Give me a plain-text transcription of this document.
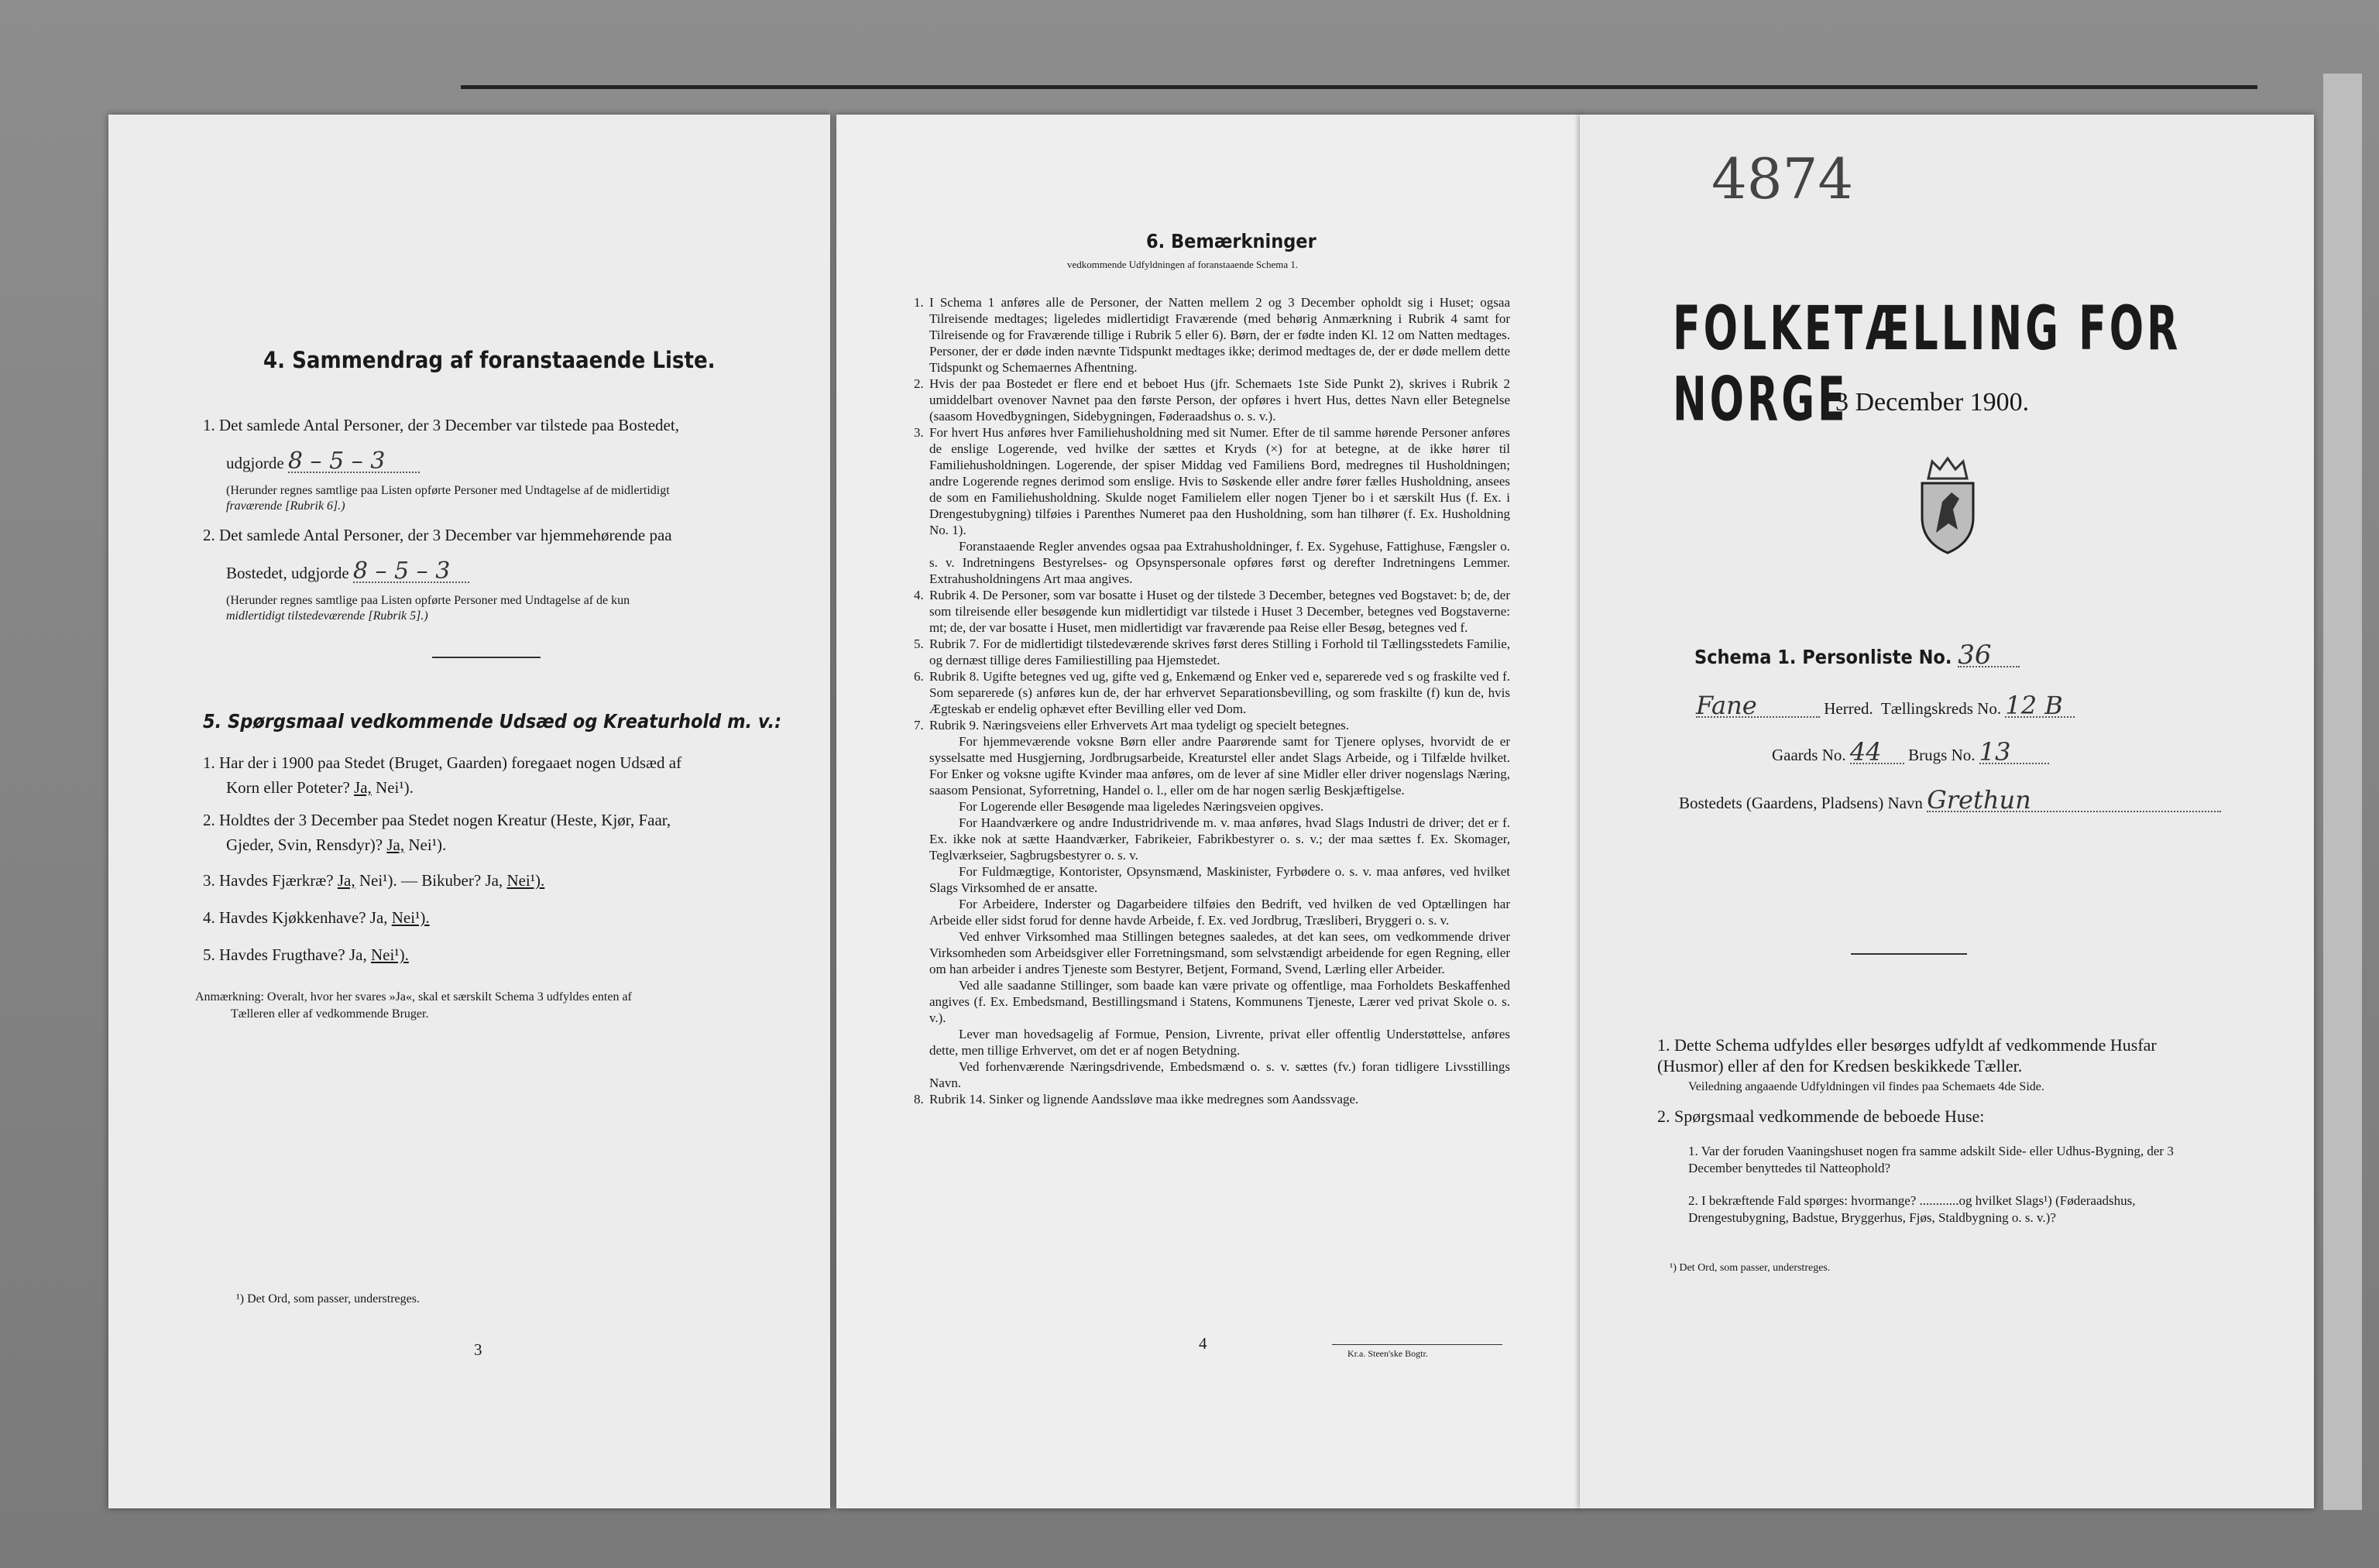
4. Sammendrag af foranstaaende Liste.
1. Det samlede Antal Personer, der 3 December var tilstede paa Bostedet,
udgjorde 8 – 5 – 3
(Herunder regnes samtlige paa Listen opførte Personer med Undtagelse af de midlertidigt
fraværende [Rubrik 6].)
2. Det samlede Antal Personer, der 3 December var hjemmehørende paa
Bostedet, udgjorde 8 – 5 – 3
(Herunder regnes samtlige paa Listen opførte Personer med Undtagelse af de kun
midlertidigt tilstedeværende [Rubrik 5].)
5. Spørgsmaal vedkommende Udsæd og Kreaturhold m. v.:
1. Har der i 1900 paa Stedet (Bruget, Gaarden) foregaaet nogen Udsæd af
Korn eller Poteter? Ja, Nei¹).
2. Holdtes der 3 December paa Stedet nogen Kreatur (Heste, Kjør, Faar,
Gjeder, Svin, Rensdyr)? Ja, Nei¹).
3. Havdes Fjærkræ? Ja, Nei¹). — Bikuber? Ja, Nei¹).
4. Havdes Kjøkkenhave? Ja, Nei¹).
5. Havdes Frugthave? Ja, Nei¹).
Anmærkning: Overalt, hvor her svares »Ja«, skal et særskilt Schema 3 udfyldes enten af
Tælleren eller af vedkommende Bruger.
¹) Det Ord, som passer, understreges.
3
6. Bemærkninger
vedkommende Udfyldningen af foranstaaende Schema 1.

1. I Schema 1 anføres alle de Personer, der Natten mellem 2 og 3 December opholdt sig i Huset; ogsaa Tilreisende medtages; ligeledes midlertidigt Fraværende (med behørig Anmærkning i Rubrik 4 samt for Tilreisende og for Fraværende tillige i Rubrik 5 eller 6). Børn, der er fødte inden Kl. 12 om Natten medtages. Personer, der er døde inden nævnte Tidspunkt medtages ikke; derimod medtages de, der er døde mellem dette Tidspunkt og Schemaernes Afhentning.

2. Hvis der paa Bostedet er flere end et beboet Hus (jfr. Schemaets 1ste Side Punkt 2), skrives i Rubrik 2 umiddelbart ovenover Navnet paa den første Person, der opføres i hvert Hus, dettes Navn eller Betegnelse (saasom Hovedbygningen, Sidebygningen, Føderaadshus o. s. v.).

3. For hvert Hus anføres hver Familiehusholdning med sit Numer. Efter de til samme hørende Personer anføres de enslige Logerende, ved hvilke der sættes et Kryds (×) for at betegne, at de ikke hører til Familiehusholdningen. Logerende, der spiser Middag ved Familiens Bord, medregnes til Husholdningen; andre Logerende regnes derimod som enslige. Hvis to Søskende eller andre fører fælles Husholdning, ansees de som en Familiehusholdning. Skulde noget Familielem eller nogen Tjener bo i et særskilt Hus (f. Ex. i Drengestubygning) tilføies i Parenthes Numeret paa den Husholdning, som han tilhører (f. Ex. Husholdning No. 1).

Foranstaaende Regler anvendes ogsaa paa Extrahusholdninger, f. Ex. Sygehuse, Fattighuse, Fængsler o. s. v. Indretningens Bestyrelses- og Opsynspersonale opføres først og derefter Indretningens Lemmer. Extrahusholdningens Art maa angives.

4. Rubrik 4. De Personer, som var bosatte i Huset og der tilstede 3 December, betegnes ved Bogstavet: b; de, der som tilreisende eller besøgende kun midlertidigt var tilstede i Huset 3 December, betegnes ved Bogstaverne: mt; de, der var bosatte i Huset, men midlertidigt var fraværende paa Reise eller Besøg, betegnes ved f.

5. Rubrik 7. For de midlertidigt tilstedeværende skrives først deres Stilling i Forhold til Tællingsstedets Familie, og dernæst tillige deres Familiestilling paa Hjemstedet.

6. Rubrik 8. Ugifte betegnes ved ug, gifte ved g, Enkemænd og Enker ved e, separerede ved s og fraskilte ved f. Som separerede (s) anføres kun de, der har erhvervet Separationsbevilling, og som fraskilte (f) kun de, hvis Ægteskab er endelig ophævet efter Bevilling eller ved Dom.

7. Rubrik 9. Næringsveiens eller Erhvervets Art maa tydeligt og specielt betegnes.

For hjemmeværende voksne Børn eller andre Paarørende samt for Tjenere oplyses, hvorvidt de er sysselsatte med Husgjerning, Jordbrugsarbeide, Kreaturstel eller andet Slags Arbeide, og i Tilfælde hvilket. For Enker og voksne ugifte Kvinder maa anføres, om de lever af sine Midler eller driver nogenslags Næring, saasom Pensionat, Syforretning, Handel o. l., eller om de har nogen særlig Beskjæftigelse.

For Logerende eller Besøgende maa ligeledes Næringsveien opgives.

For Haandværkere og andre Industridrivende m. v. maa anføres, hvad Slags Industri de driver; det er f. Ex. ikke nok at sætte Haandværker, Fabrikeier, Fabrikbestyrer o. s. v.; der maa sættes f. Ex. Skomager, Teglværkseier, Sagbrugsbestyrer o. s. v.

For Fuldmægtige, Kontorister, Opsynsmænd, Maskinister, Fyrbødere o. s. v. maa anføres, ved hvilket Slags Virksomhed de er ansatte.

For Arbeidere, Inderster og Dagarbeidere tilføies den Bedrift, ved hvilken de ved Optællingen har Arbeide eller sidst forud for denne havde Arbeide, f. Ex. ved Jordbrug, Træsliberi, Bryggeri o. s. v.

Ved enhver Virksomhed maa Stillingen betegnes saaledes, at det kan sees, om vedkommende driver Virksomheden som Arbeidsgiver eller Forretningsmand, som selvstændigt arbeidende for egen Regning, eller om han arbeider i andres Tjeneste som Bestyrer, Betjent, Formand, Svend, Lærling eller Arbeider.

Ved alle saadanne Stillinger, som baade kan være private og offentlige, maa Forholdets Beskaffenhed angives (f. Ex. Embedsmand, Bestillingsmand i Statens, Kommunens Tjeneste, Lærer ved privat Skole o. s. v.).

Lever man hovedsagelig af Formue, Pension, Livrente, privat eller offentlig Understøttelse, anføres dette, men tillige Erhvervet, om det er af nogen Betydning.

Ved forhenværende Næringsdrivende, Embedsmænd o. s. v. sættes (fv.) foran tidligere Livsstillings Navn.

8. Rubrik 14. Sinker og lignende Aandssløve maa ikke medregnes som Aandssvage.

4
Kr.a. Steen'ske Bogtr.
4874
FOLKETÆLLING FOR NORGE
3 December 1900.
Schema 1. Personliste No. 36
Fane	Herred. Tællingskreds No. 12 B
Gaards No. 44 Brugs No. 13
Bostedets (Gaardens, Pladsens) Navn Grethun
1. Dette Schema udfyldes eller besørges udfyldt af vedkommende Husfar (Husmor) eller af den for Kredsen beskikkede Tæller.
Veiledning angaaende Udfyldningen vil findes paa Schemaets 4de Side.
2. Spørgsmaal vedkommende de beboede Huse:
1. Var der foruden Vaaningshuset nogen fra samme adskilt Side- eller Udhus-Bygning, der 3 December benyttedes til Natteophold?
2. I bekræftende Fald spørges: hvormange? ............og hvilket Slags¹) (Føderaadshus, Drengestubygning, Badstue, Bryggerhus, Fjøs, Staldbygning o. s. v.)?
¹) Det Ord, som passer, understreges.
